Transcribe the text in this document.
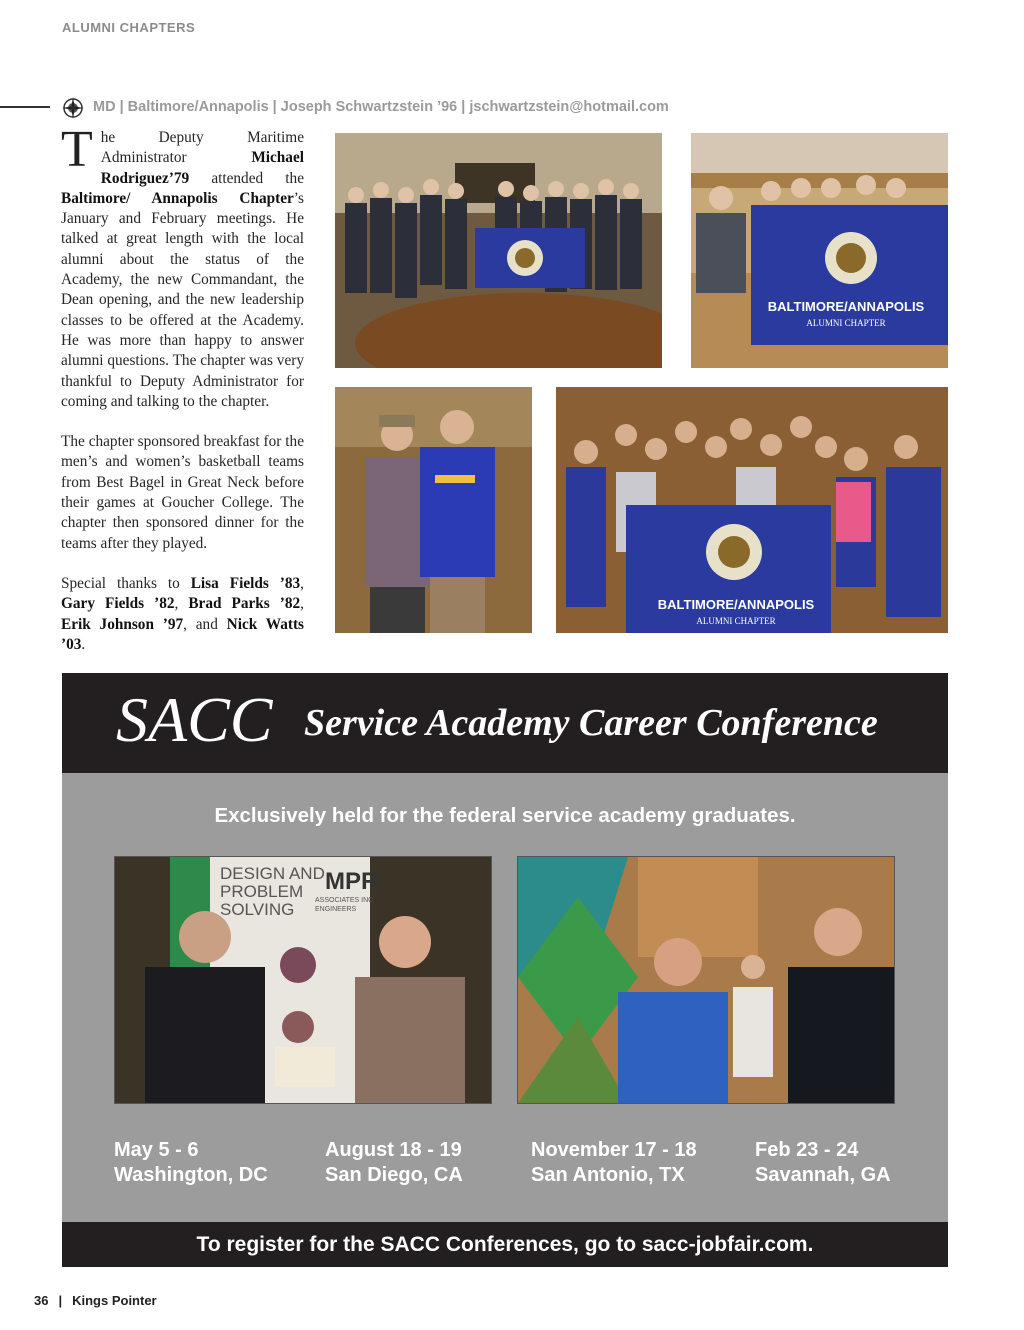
ALUMNI CHAPTERS
MD | Baltimore/Annapolis | Joseph Schwartzstein ’96 | jschwartzstein@hotmail.com

The Deputy Maritime Administrator Michael Rodriguez’79 attended the Baltimore/ Annapolis Chapter’s January and February meetings. He talked at great length with the local alumni about the status of the Academy, the new Commandant, the Dean opening, and the new leadership classes to be offered at the Academy. He was more than happy to answer alumni questions. The chapter was very thankful to Deputy Administrator for coming and talking to the chapter.

The chapter sponsored breakfast for the men’s and women’s basketball teams from Best Bagel in Great Neck before their games at Goucher College. The chapter then sponsored dinner for the teams after they played.

Special thanks to Lisa Fields ’83, Gary Fields ’82, Brad Parks ’82, Erik Johnson ’97, and Nick Watts ’03.

BALTIMORE/ANNAPOLIS
ALUMNI CHAPTER
BALTIMORE/ANNAPOLIS
ALUMNI CHAPTER
SACC Service Academy Career Conference
Exclusively held for the federal service academy graduates.
DESIGN AND
PROBLEM
SOLVING
MPR
ASSOCIATES INC
ENGINEERS
May 5 - 6
Washington, DC
August 18 - 19
San Diego, CA
November 17 - 18
San Antonio, TX
Feb 23 - 24
Savannah, GA
To register for the SACC Conferences, go to sacc-jobfair.com.
36 | Kings Pointer
